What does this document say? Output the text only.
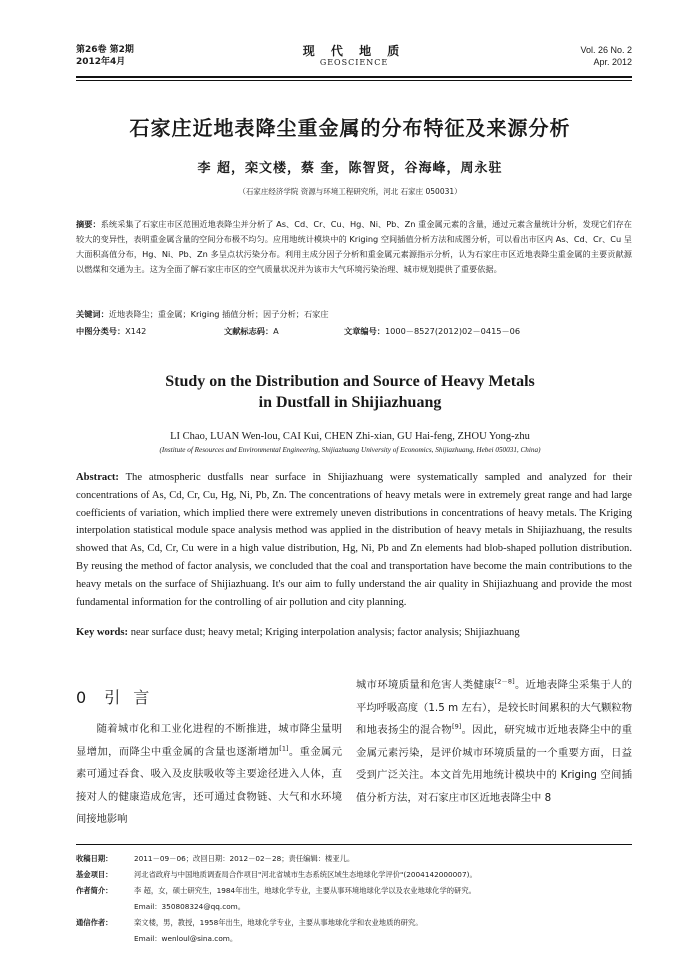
第26卷 第2期
2012年4月
现 代 地 质
GEOSCIENCE
Vol. 26 No. 2
Apr. 2012
石家庄近地表降尘重金属的分布特征及来源分析
李 超，栾文楼，蔡 奎，陈智贤，谷海峰，周永驻
（石家庄经济学院 资源与环境工程研究所，河北 石家庄 050031）
摘要：系统采集了石家庄市区范围近地表降尘并分析了 As、Cd、Cr、Cu、Hg、Ni、Pb、Zn 重金属元素的含量，通过元素含量统计分析，发现它们存在较大的变异性，表明重金属含量的空间分布极不均匀。应用地统计模块中的 Kriging 空间插值分析方法和成图分析，可以看出市区内 As、Cd、Cr、Cu 呈大面积高值分布，Hg、Ni、Pb、Zn 多呈点状污染分布。利用主成分因子分析和重金属元素源指示分析，认为石家庄市区近地表降尘重金属的主要贡献源以燃煤和交通为主。这为全面了解石家庄市区的空气质量状况并为该市大气环境污染治理、城市规划提供了重要依据。
关键词：近地表降尘；重金属；Kriging 插值分析；因子分析；石家庄
中图分类号：X142	文献标志码：A	文章编号：1000－8527(2012)02－0415－06
Study on the Distribution and Source of Heavy Metals
in Dustfall in Shijiazhuang
LI Chao, LUAN Wen-lou, CAI Kui, CHEN Zhi-xian, GU Hai-feng, ZHOU Yong-zhu
(Institute of Resources and Environmental Engineering, Shijiazhuang University of Economics, Shijiazhuang, Hebei 050031, China)
Abstract: The atmospheric dustfalls near surface in Shijiazhuang were systematically sampled and analyzed for their concentrations of As, Cd, Cr, Cu, Hg, Ni, Pb, Zn. The concentrations of heavy metals were in extremely great range and had large coefficients of variation, which implied there were extremely uneven distributions in concentrations of heavy metals. The Kriging interpolation statistical module space analysis method was applied in the distribution of heavy metals in Shijiazhuang, the results showed that As, Cd, Cr, Cu were in a high value distribution, Hg, Ni, Pb and Zn elements had blob-shaped pollution distribution. By reusing the method of factor analysis, we concluded that the coal and transportation have become the main contributions to the heavy metals on the surface of Shijiazhuang. It's our aim to fully understand the air quality in Shijiazhuang and provide the most fundamental information for the controlling of air pollution and city planning.
Key words: near surface dust; heavy metal; Kriging interpolation analysis; factor analysis; Shijiazhuang
0 引 言
随着城市化和工业化进程的不断推进，城市降尘量明显增加，而降尘中重金属的含量也逐渐增加[1]。重金属元素可通过吞食、吸入及皮肤吸收等主要途径进入人体，直接对人的健康造成危害，还可通过食物链、大气和水环境间接地影响
城市环境质量和危害人类健康[2－8]。近地表降尘采集于人的平均呼吸高度（1.5 m 左右），是较长时间累积的大气颗粒物和地表扬尘的混合物[9]。因此，研究城市近地表降尘中的重金属元素污染，是评价城市环境质量的一个重要方面，日益受到广泛关注。本文首先用地统计模块中的 Kriging 空间插值分析方法，对石家庄市区近地表降尘中 8
收稿日期：	2011－09－06；改回日期：2012－02－28；责任编辑：楼亚儿。
基金项目：	河北省政府与中国地质调查局合作项目"河北省城市生态系统区域生态地球化学评价"(2004142000007)。
作者简介：	李 超，女，硕士研究生，1984年出生，地球化学专业，主要从事环境地球化学以及农业地球化学的研究。
Email：350808324@qq.com。
通信作者：	栾文楼，男，教授，1958年出生，地球化学专业，主要从事地球化学和农业地质的研究。
Email：wenloul@sina.com。
